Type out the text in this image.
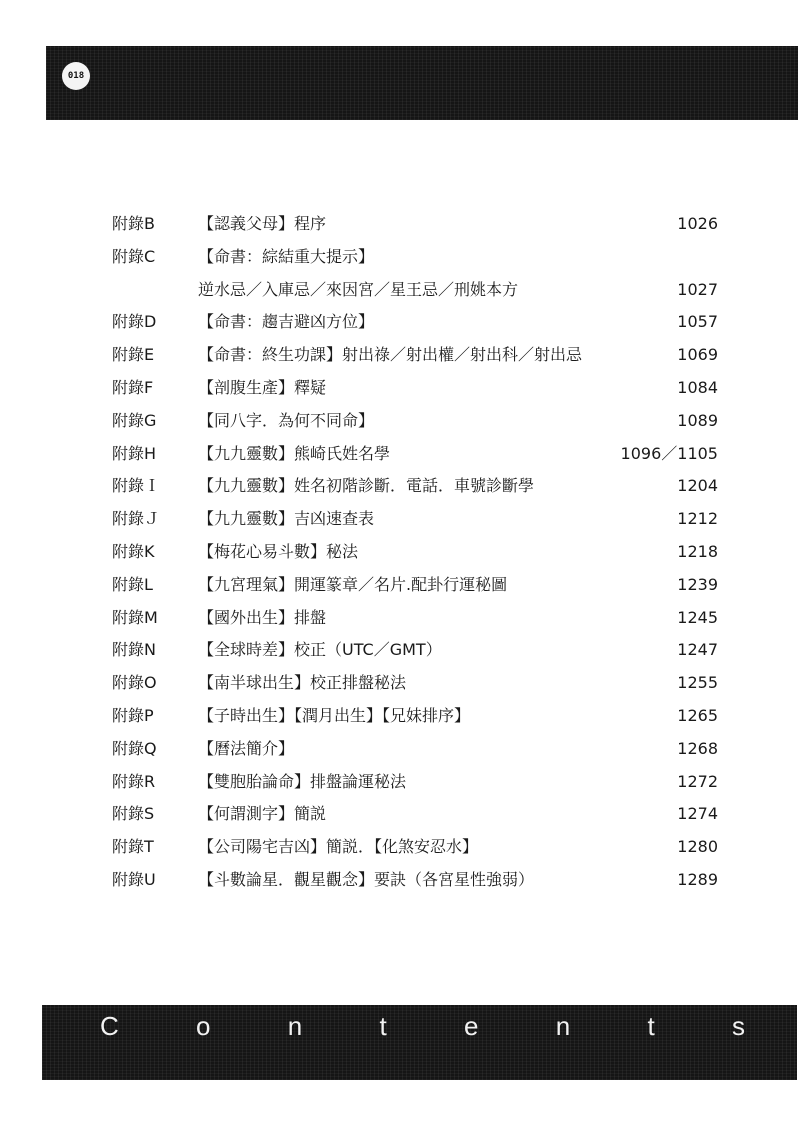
018
附錄B	【認義父母】程序	1026
附錄C	【命書：綜結重大提示】
逆水忌／入庫忌／來因宮／星王忌／刑姚本方	1027
附錄D	【命書：趨吉避凶方位】	1057
附錄E	【命書：終生功課】射出祿／射出權／射出科／射出忌	1069
附錄F	【剖腹生產】釋疑	1084
附錄G	【同八字．為何不同命】	1089
附錄H	【九九靈數】熊崎氏姓名學	1096／1105
附錄Ｉ 【九九靈數】姓名初階診斷．電話．車號診斷學	1204
附錄Ｊ 【九九靈數】吉凶速查表	1212
附錄K	【梅花心易斗數】秘法	1218
附錄L	【九宮理氣】開運篆章／名片.配卦行運秘圖	1239
附錄M	【國外出生】排盤	1245
附錄N	【全球時差】校正（UTC／GMT）	1247
附錄O	【南半球出生】校正排盤秘法	1255
附錄P	【子時出生】【潤月出生】【兄妹排序】	1265
附錄Q	【曆法簡介】	1268
附錄R	【雙胞胎論命】排盤論運秘法	1272
附錄S	【何謂測字】簡説	1274
附錄T	【公司陽宅吉凶】簡説．【化煞安忍水】	1280
附錄U	【斗數論星．觀星觀念】要訣（各宮星性強弱）	1289
C	o	n	t	e	n	t	s
